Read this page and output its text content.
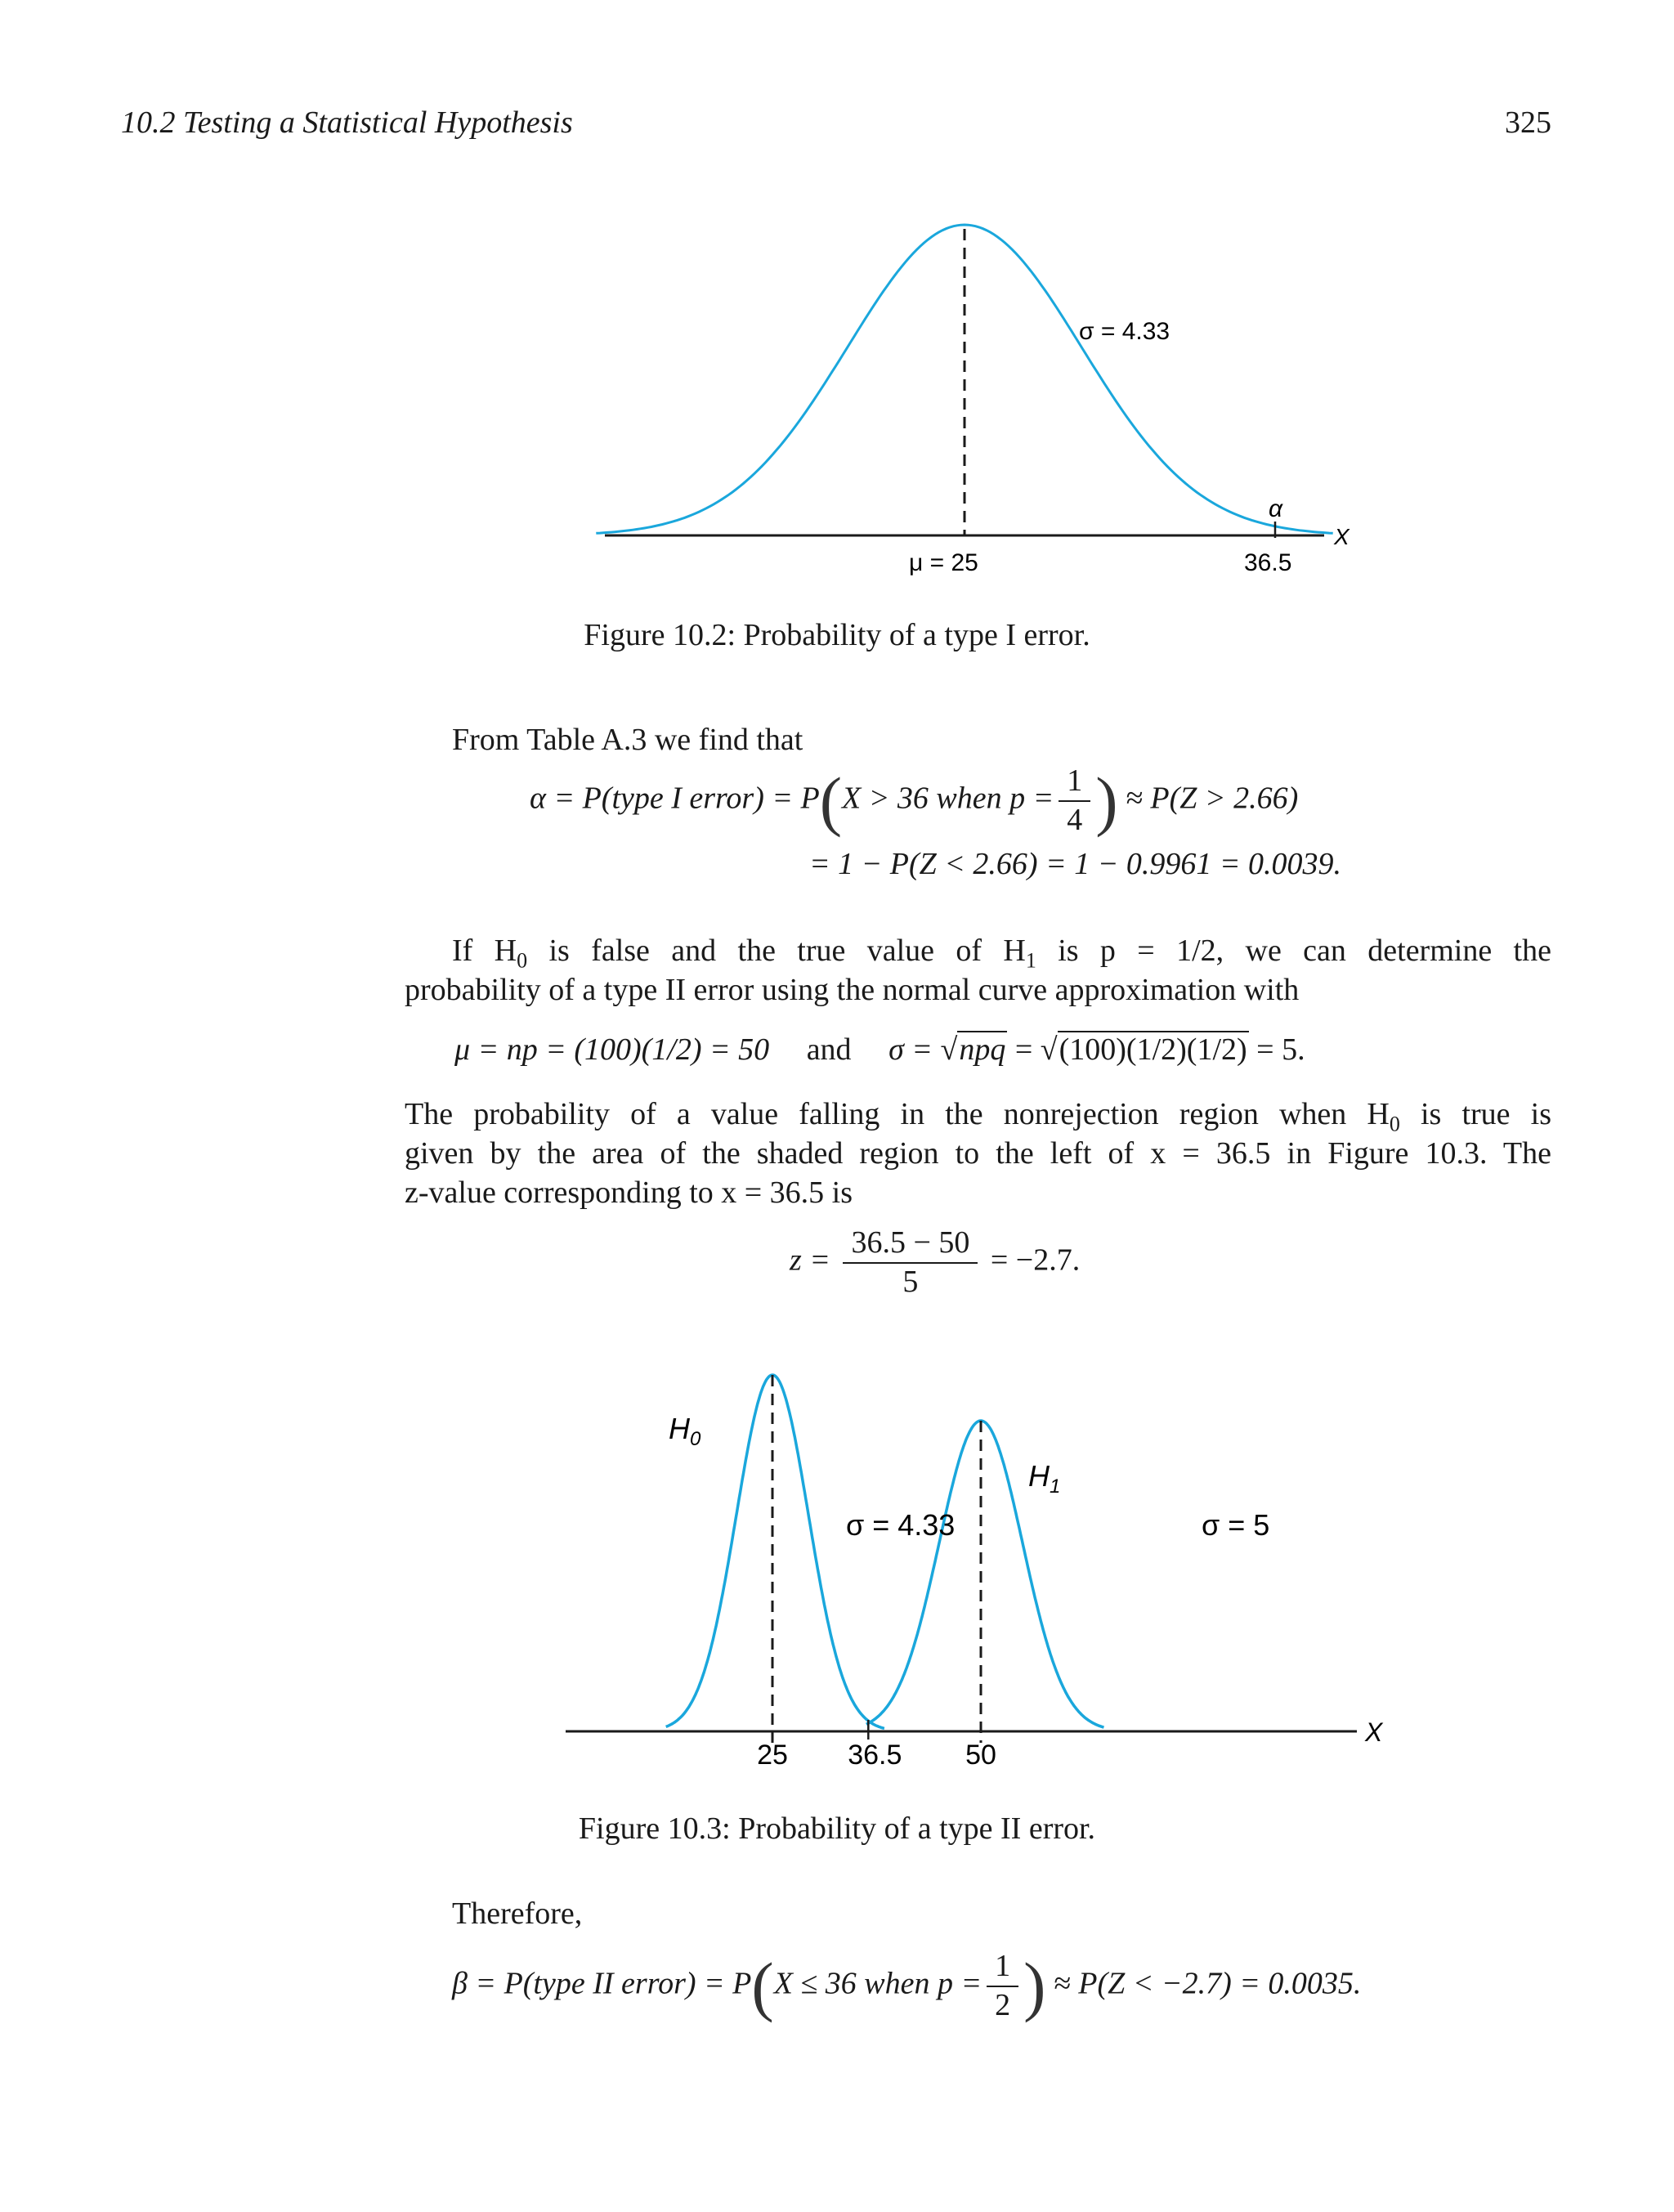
10.2 Testing a Statistical Hypothesis	325
σ = 4.33
μ = 25	36.5
α
X
Figure 10.2: Probability of a type I error.
From Table A.3 we find that
α = P(type I error) = P(X > 36 when $p = \frac{1}{4}$ ) ≈ P(Z > 2.66)
= 1 − P(Z < 2.66) = 1 − 0.9961 = 0.0039.
If $H_0$ is false and the true value of $H_1$ is p = 1/2, we can determine the
probability of a type II error using the normal curve approximation with
μ = np = (100)(1/2) = 50 and σ = √npq = √(100)(1/2)(1/2) = 5.
The probability of a value falling in the nonrejection region when $H_0$ is true is
given by the area of the shaded region to the left of x = 36.5 in Figure 10.3. The
z-value corresponding to x = 36.5 is
$z = \frac{36.5 - 50}{5} = -2.7$.
$H_0$
$H_1$
σ = 4.33	σ = 5
25 36.5 50
X
Figure 10.3: Probability of a type II error.
Therefore,
β = P(type II error) = P(X ≤ 36 when $p = \frac{1}{2}$ ) ≈ P(Z < −2.7) = 0.0035.
